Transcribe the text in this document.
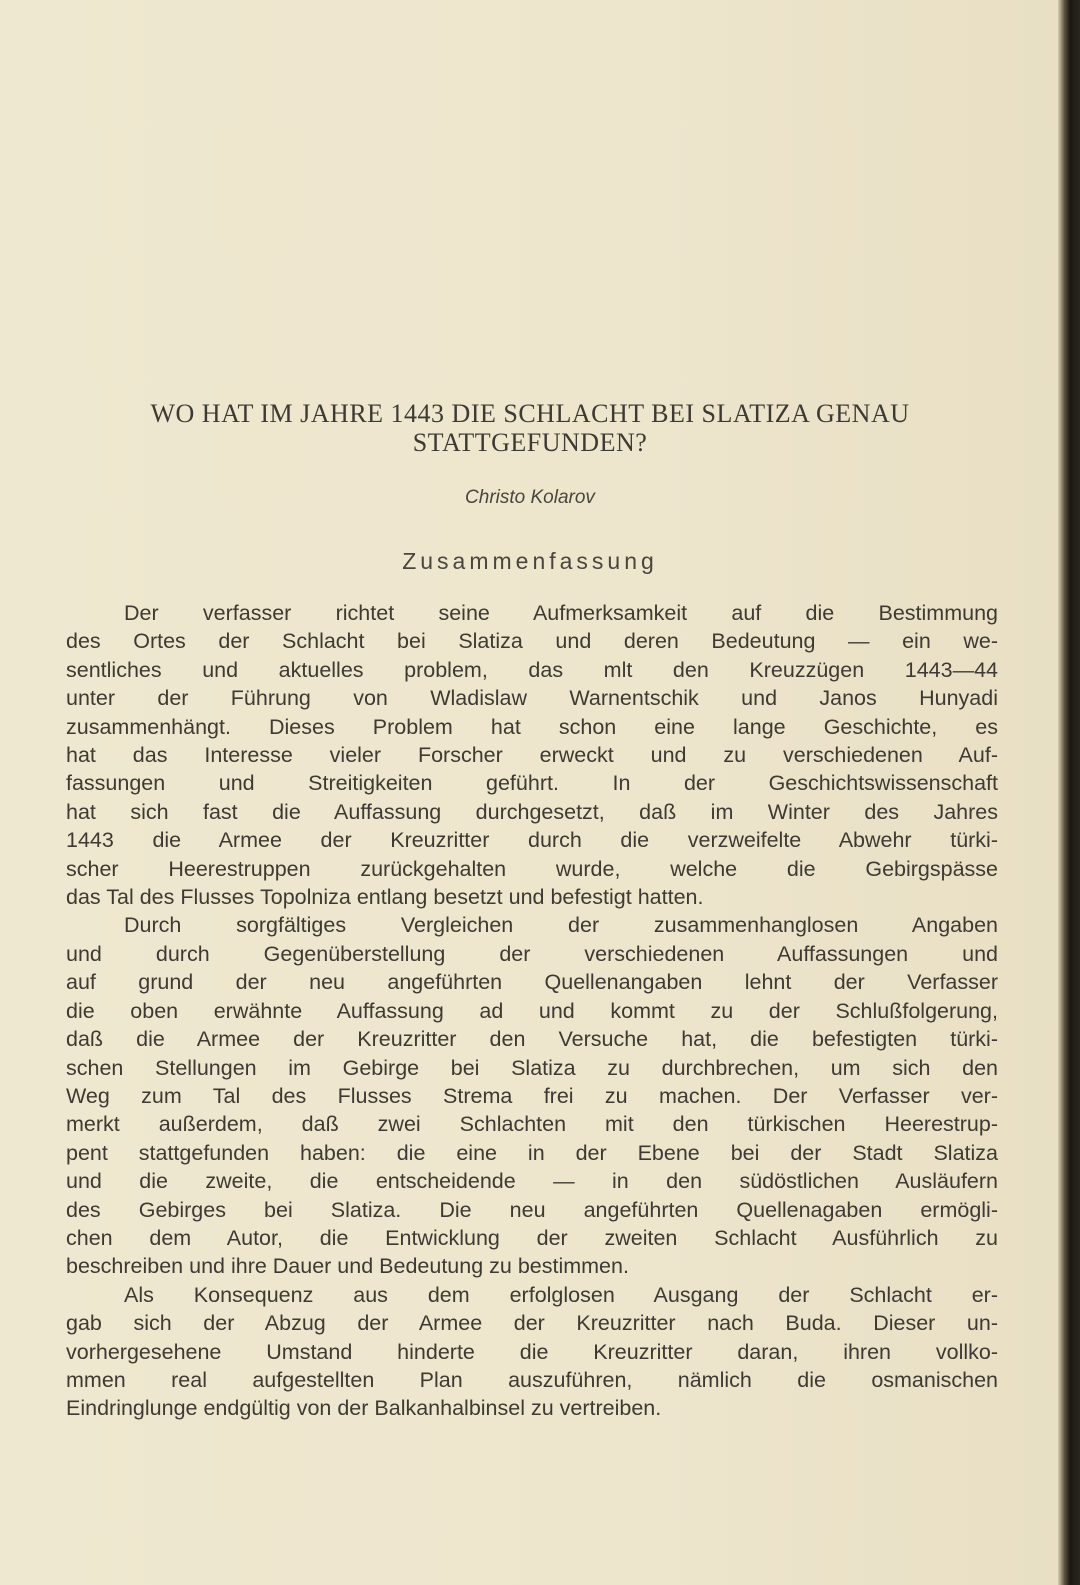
WO HAT IM JAHRE 1443 DIE SCHLACHT BEI SLATIZA GENAU
STATTGEFUNDEN?
Christo Kolarov
Zusammenfassung
Der verfasser richtet seine Aufmerksamkeit auf die Bestimmung
des Ortes der Schlacht bei Slatiza und deren Bedeutung — ein we-
sentliches und aktuelles problem, das mlt den Kreuzzügen 1443—44
unter der Führung von Wladislaw Warnentschik und Janos Hunyadi
zusammenhängt. Dieses Problem hat schon eine lange Geschichte, es
hat das Interesse vieler Forscher erweckt und zu verschiedenen Auf-
fassungen und Streitigkeiten geführt. In der Geschichtswissenschaft
hat sich fast die Auffassung durchgesetzt, daß im Winter des Jahres
1443 die Armee der Kreuzritter durch die verzweifelte Abwehr türki-
scher Heerestruppen zurückgehalten wurde, welche die Gebirgspässe
das Tal des Flusses Topolniza entlang besetzt und befestigt hatten.
Durch sorgfältiges Vergleichen der zusammenhanglosen Angaben
und durch Gegenüberstellung der verschiedenen Auffassungen und
auf grund der neu angeführten Quellenangaben lehnt der Verfasser
die oben erwähnte Auffassung ad und kommt zu der Schlußfolgerung,
daß die Armee der Kreuzritter den Versuche hat, die befestigten türki-
schen Stellungen im Gebirge bei Slatiza zu durchbrechen, um sich den
Weg zum Tal des Flusses Strema frei zu machen. Der Verfasser ver-
merkt außerdem, daß zwei Schlachten mit den türkischen Heerestrup-
pent stattgefunden haben: die eine in der Ebene bei der Stadt Slatiza
und die zweite, die entscheidende — in den südöstlichen Ausläufern
des Gebirges bei Slatiza. Die neu angeführten Quellenagaben ermögli-
chen dem Autor, die Entwicklung der zweiten Schlacht Ausführlich zu
beschreiben und ihre Dauer und Bedeutung zu bestimmen.
Als Konsequenz aus dem erfolglosen Ausgang der Schlacht er-
gab sich der Abzug der Armee der Kreuzritter nach Buda. Dieser un-
vorhergesehene Umstand hinderte die Kreuzritter daran, ihren vollko-
mmen real aufgestellten Plan auszuführen, nämlich die osmanischen
Eindringlunge endgültig von der Balkanhalbinsel zu vertreiben.
